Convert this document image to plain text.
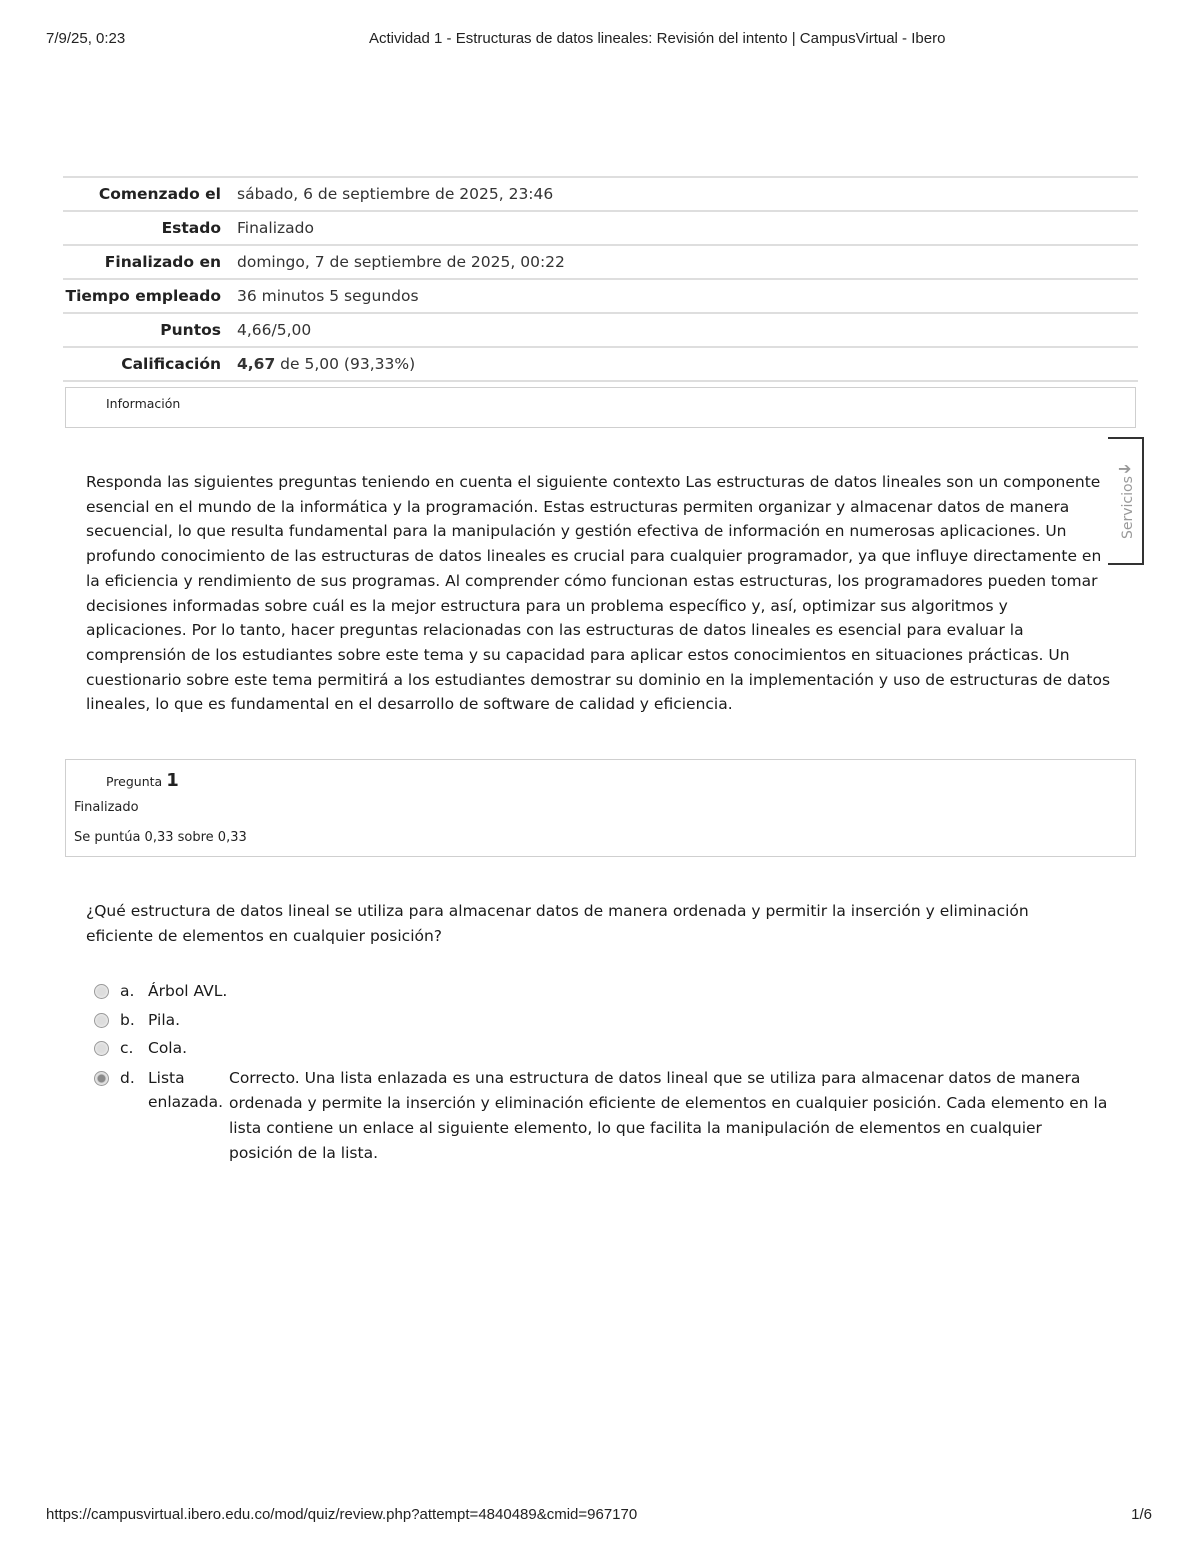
7/9/25, 0:23	Actividad 1 - Estructuras de datos lineales: Revisión del intento | CampusVirtual - Ibero
Comenzado el	sábado, 6 de septiembre de 2025, 23:46
Estado	Finalizado
Finalizado en	domingo, 7 de septiembre de 2025, 00:22
Tiempo empleado	36 minutos 5 segundos
Puntos	4,66/5,00
Calificación	4,67 de 5,00 (93,33%)
Información
➔
Servicios
Responda las siguientes preguntas teniendo en cuenta el siguiente contexto Las estructuras de datos lineales son un componente esencial en el mundo de la informática y la programación. Estas estructuras permiten organizar y almacenar datos de manera secuencial, lo que resulta fundamental para la manipulación y gestión efectiva de información en numerosas aplicaciones. Un profundo conocimiento de las estructuras de datos lineales es crucial para cualquier programador, ya que influye directamente en la eficiencia y rendimiento de sus programas. Al comprender cómo funcionan estas estructuras, los programadores pueden tomar decisiones informadas sobre cuál es la mejor estructura para un problema específico y, así, optimizar sus algoritmos y aplicaciones. Por lo tanto, hacer preguntas relacionadas con las estructuras de datos lineales es esencial para evaluar la comprensión de los estudiantes sobre este tema y su capacidad para aplicar estos conocimientos en situaciones prácticas. Un cuestionario sobre este tema permitirá a los estudiantes demostrar su dominio en la implementación y uso de estructuras de datos lineales, lo que es fundamental en el desarrollo de software de calidad y eficiencia.
Pregunta 1
Finalizado
Se puntúa 0,33 sobre 0,33
¿Qué estructura de datos lineal se utiliza para almacenar datos de manera ordenada y permitir la inserción y eliminación eficiente de elementos en cualquier posición?
a. Árbol AVL.
b. Pila.
c. Cola.
d. Lista enlazada.
Correcto. Una lista enlazada es una estructura de datos lineal que se utiliza para almacenar datos de manera ordenada y permite la inserción y eliminación eficiente de elementos en cualquier posición. Cada elemento en la lista contiene un enlace al siguiente elemento, lo que facilita la manipulación de elementos en cualquier posición de la lista.
https://campusvirtual.ibero.edu.co/mod/quiz/review.php?attempt=4840489&cmid=967170	1/6
